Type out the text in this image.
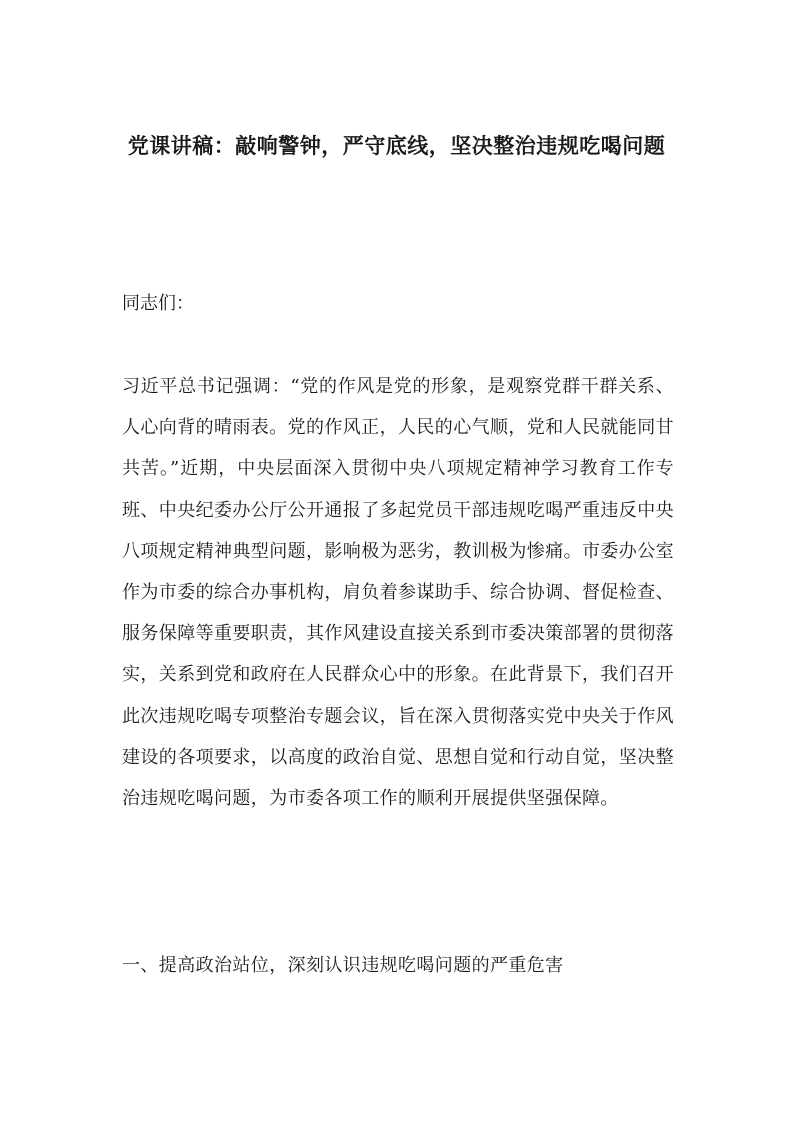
党课讲稿：敲响警钟，严守底线，坚决整治违规吃喝问题

同志们：

习近平总书记强调：“党的作风是党的形象，是观察党群干群关系、人心向背的晴雨表。党的作风正，人民的心气顺，党和人民就能同甘共苦。”近期，中央层面深入贯彻中央八项规定精神学习教育工作专班、中央纪委办公厅公开通报了多起党员干部违规吃喝严重违反中央八项规定精神典型问题，影响极为恶劣，教训极为惨痛。市委办公室作为市委的综合办事机构，肩负着参谋助手、综合协调、督促检查、服务保障等重要职责，其作风建设直接关系到市委决策部署的贯彻落实，关系到党和政府在人民群众心中的形象。在此背景下，我们召开此次违规吃喝专项整治专题会议，旨在深入贯彻落实党中央关于作风建设的各项要求，以高度的政治自觉、思想自觉和行动自觉，坚决整治违规吃喝问题，为市委各项工作的顺利开展提供坚强保障。

一、提高政治站位，深刻认识违规吃喝问题的严重危害
